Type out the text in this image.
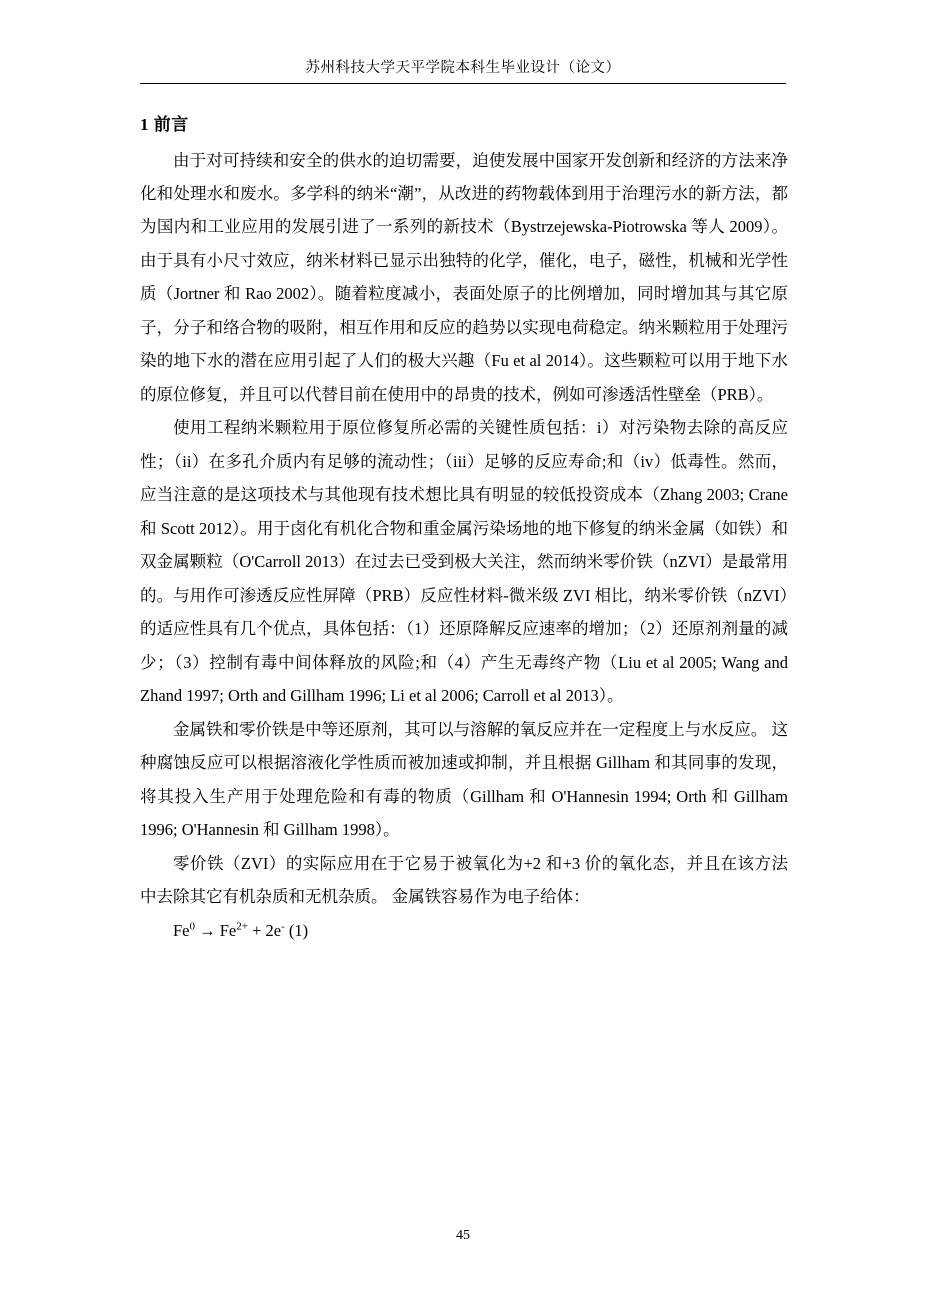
苏州科技大学天平学院本科生毕业设计（论文）
1 前言

由于对可持续和安全的供水的迫切需要，迫使发展中国家开发创新和经济的方法来净化和处理水和废水。多学科的纳米“潮”，从改进的药物载体到用于治理污水的新方法，都为国内和工业应用的发展引进了一系列的新技术（Bystrzejewska-Piotrowska 等人 2009）。由于具有小尺寸效应，纳米材料已显示出独特的化学，催化，电子，磁性，机械和光学性质（Jortner 和 Rao 2002）。随着粒度减小，表面处原子的比例增加，同时增加其与其它原子，分子和络合物的吸附，相互作用和反应的趋势以实现电荷稳定。纳米颗粒用于处理污染的地下水的潜在应用引起了人们的极大兴趣（Fu et al 2014）。这些颗粒可以用于地下水的原位修复，并且可以代替目前在使用中的昂贵的技术，例如可渗透活性壁垒（PRB）。

使用工程纳米颗粒用于原位修复所必需的关键性质包括：i）对污染物去除的高反应性；（ii）在多孔介质内有足够的流动性；（iii）足够的反应寿命;和（iv）低毒性。然而，应当注意的是这项技术与其他现有技术想比具有明显的较低投资成本（Zhang 2003; Crane 和 Scott 2012）。用于卤化有机化合物和重金属污染场地的地下修复的纳米金属（如铁）和双金属颗粒（O'Carroll 2013）在过去已受到极大关注，然而纳米零价铁（nZVI）是最常用的。与用作可渗透反应性屏障（PRB）反应性材料-微米级 ZVI 相比，纳米零价铁（nZVI）的适应性具有几个优点，具体包括：（1）还原降解反应速率的增加；（2）还原剂剂量的减少；（3）控制有毒中间体释放的风险;和（4）产生无毒终产物（Liu et al 2005; Wang and Zhand 1997; Orth and Gillham 1996; Li et al 2006; Carroll et al 2013）。

金属铁和零价铁是中等还原剂，其可以与溶解的氧反应并在一定程度上与水反应。 这种腐蚀反应可以根据溶液化学性质而被加速或抑制，并且根据 Gillham 和其同事的发现，将其投入生产用于处理危险和有毒的物质（Gillham 和 O'Hannesin 1994; Orth 和 Gillham 1996; O'Hannesin 和 Gillham 1998）。

零价铁（ZVI）的实际应用在于它易于被氧化为+2 和+3 价的氧化态，并且在该方法中去除其它有机杂质和无机杂质。 金属铁容易作为电子给体：

$Fe^0 \to Fe^{2+} + 2e^-$ (1)

45
